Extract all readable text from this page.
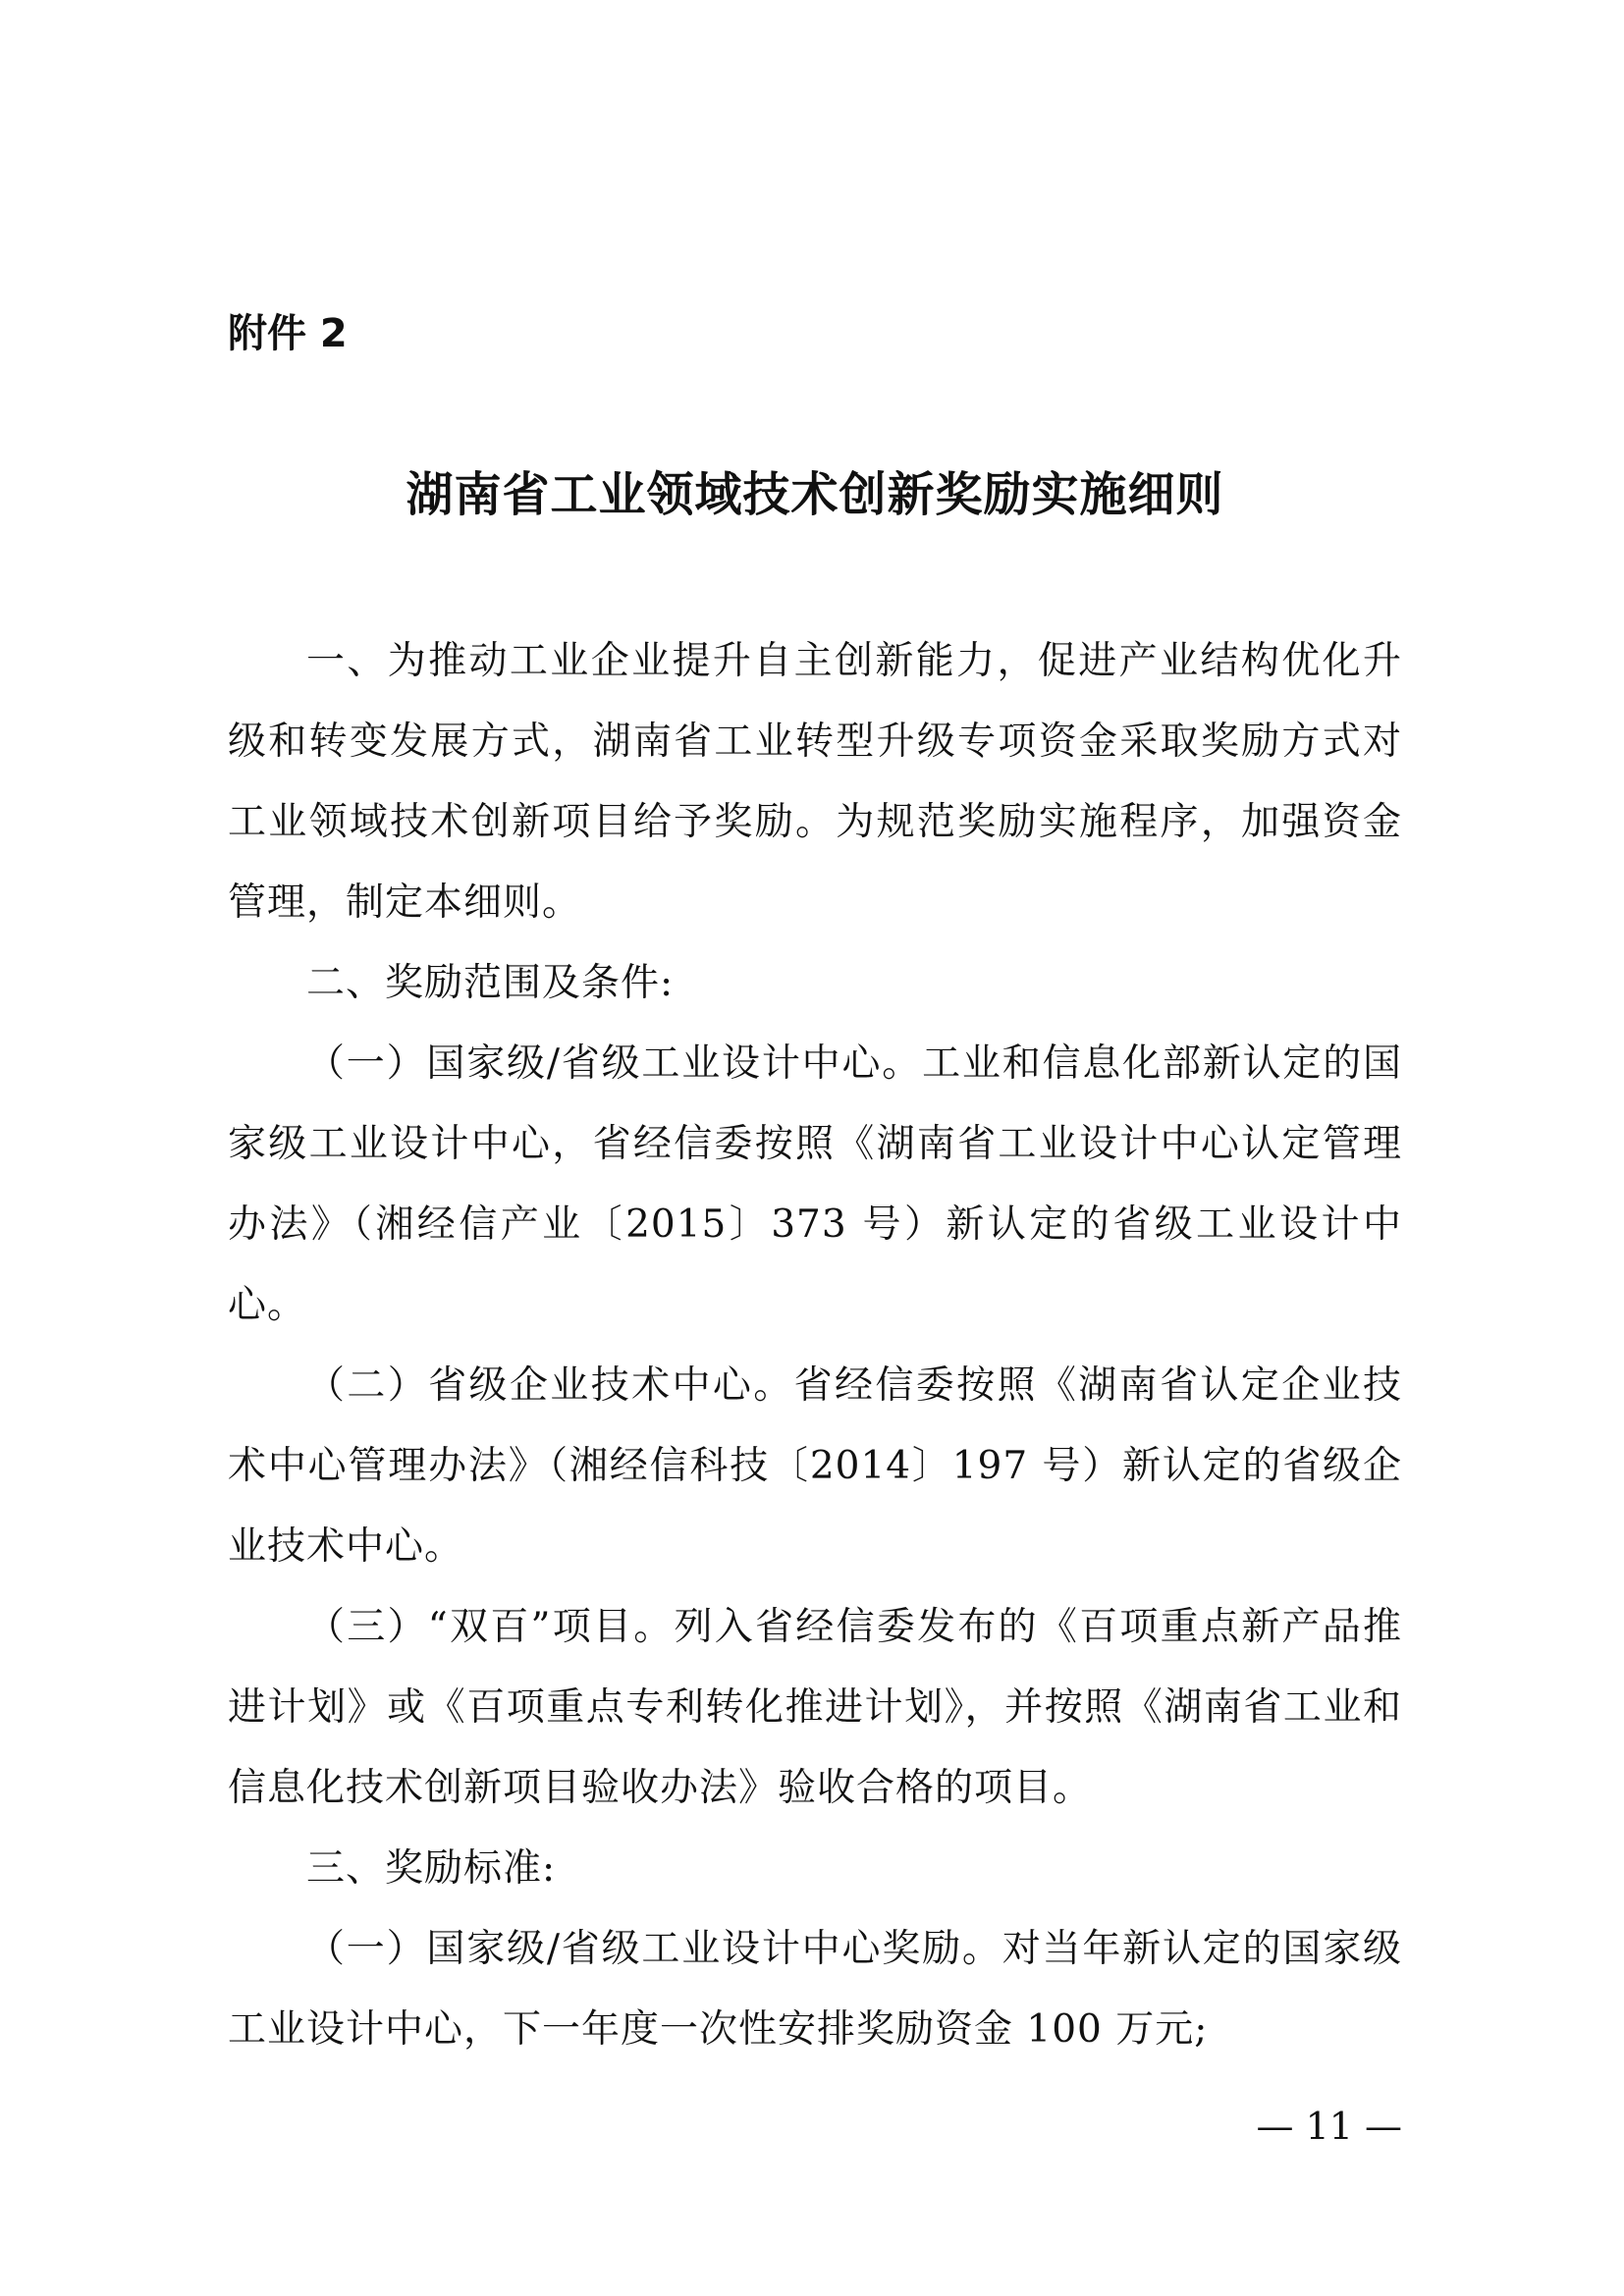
附件 2
湖南省工业领域技术创新奖励实施细则

一、为推动工业企业提升自主创新能力，促进产业结构优化升级和转变发展方式，湖南省工业转型升级专项资金采取奖励方式对工业领域技术创新项目给予奖励。为规范奖励实施程序，加强资金管理，制定本细则。

二、奖励范围及条件:

（一）国家级/省级工业设计中心。工业和信息化部新认定的国家级工业设计中心，省经信委按照《湖南省工业设计中心认定管理办法》（湘经信产业〔2015〕373 号）新认定的省级工业设计中心。

（二）省级企业技术中心。省经信委按照《湖南省认定企业技术中心管理办法》（湘经信科技〔2014〕197 号）新认定的省级企业技术中心。

（三）“双百”项目。列入省经信委发布的《百项重点新产品推进计划》或《百项重点专利转化推进计划》，并按照《湖南省工业和信息化技术创新项目验收办法》验收合格的项目。

三、奖励标准:

（一）国家级/省级工业设计中心奖励。对当年新认定的国家级工业设计中心，下一年度一次性安排奖励资金 100 万元;

— 11 —
